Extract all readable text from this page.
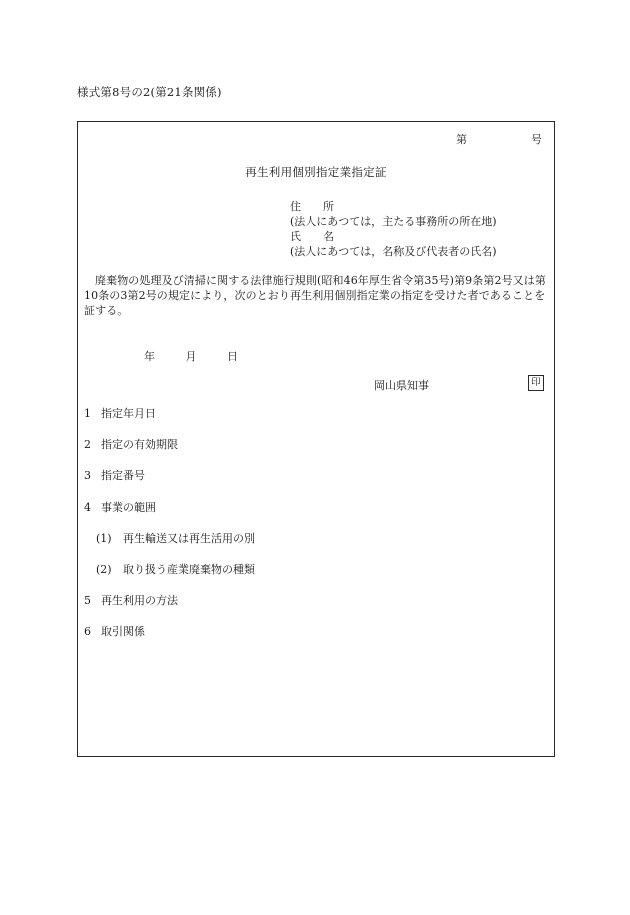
様式第8号の2(第21条関係)
第	号
再生利用個別指定業指定証
住 所
(法人にあつては，主たる事務所の所在地)
氏 名
(法人にあつては，名称及び代表者の氏名)
廃棄物の処理及び清掃に関する法律施行規則(昭和46年厚生省令第35号)第9条第2号又は第10条の3第2号の規定により，次のとおり再生利用個別指定業の指定を受けた者であることを証する。
年	月	日
岡山県知事	印
1 指定年月日
2 指定の有効期限
3 指定番号
4 事業の範囲
(1) 再生輸送又は再生活用の別
(2) 取り扱う産業廃棄物の種類
5 再生利用の方法
6 取引関係
